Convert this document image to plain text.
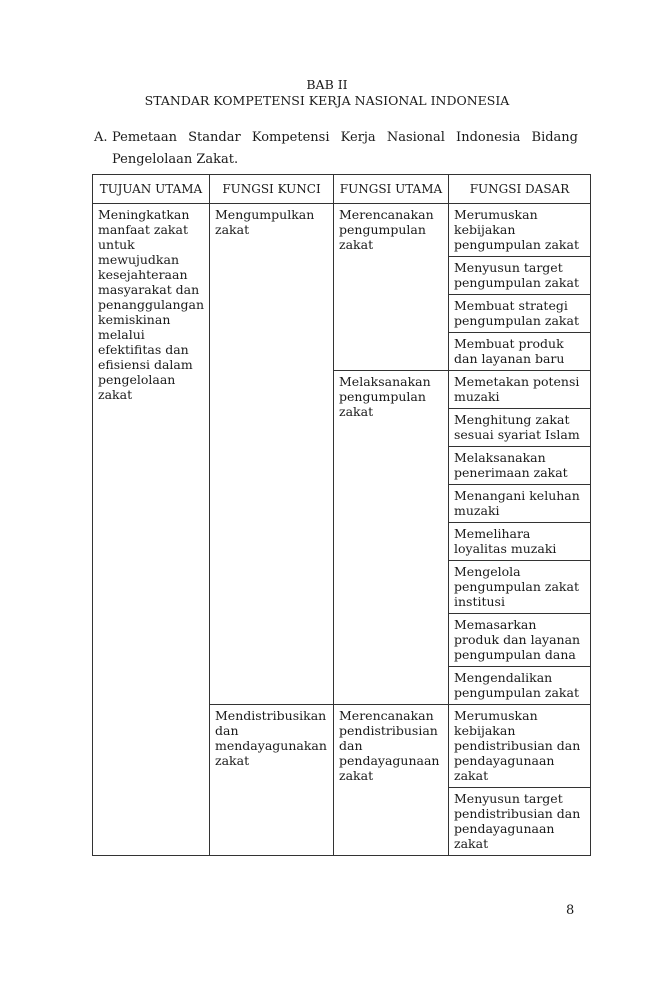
BAB II
STANDAR KOMPETENSI KERJA NASIONAL INDONESIA
A. Pemetaan Standar Kompetensi Kerja Nasional Indonesia Bidang
Pengelolaan Zakat.
TUJUAN UTAMA	FUNGSI KUNCI	FUNGSI UTAMA	FUNGSI DASAR
Meningkatkan manfaat zakat untuk mewujudkan kesejahteraan masyarakat dan penanggulangan kemiskinan melalui efektifitas dan efisiensi dalam pengelolaan zakat	Mengumpulkan zakat	Merencanakan pengumpulan zakat	Merumuskan kebijakan pengumpulan zakat
			Menyusun target pengumpulan zakat
			Membuat strategi pengumpulan zakat
			Membuat produk dan layanan baru
		Melaksanakan pengumpulan zakat	Memetakan potensi muzaki
			Menghitung zakat sesuai syariat Islam
			Melaksanakan penerimaan zakat
			Menangani keluhan muzaki
			Memelihara loyalitas muzaki
			Mengelola pengumpulan zakat institusi
			Memasarkan produk dan layanan pengumpulan dana
			Mengendalikan pengumpulan zakat
	Mendistribusikan dan mendayagunakan zakat	Merencanakan pendistribusian dan pendayagunaan zakat	Merumuskan kebijakan pendistribusian dan pendayagunaan zakat
			Menyusun target pendistribusian dan pendayagunaan zakat
8
